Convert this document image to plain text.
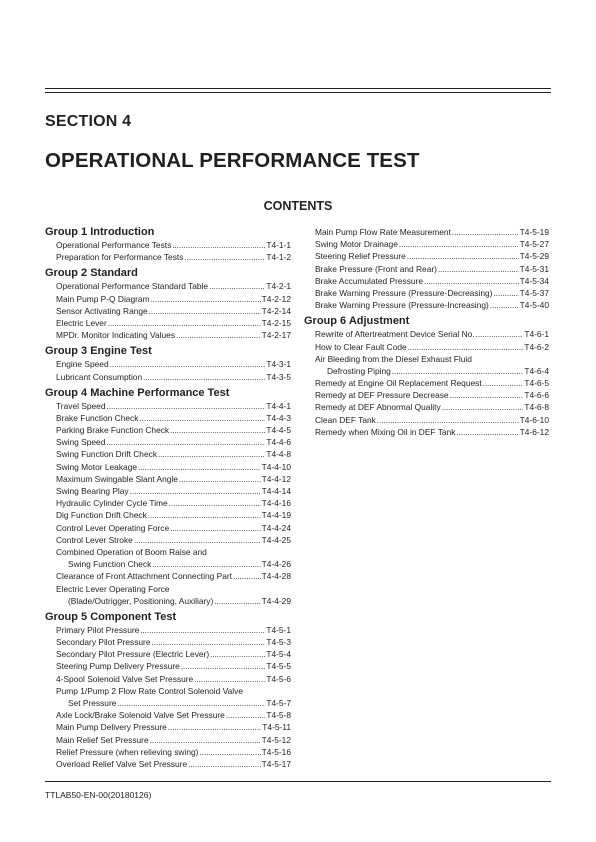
SECTION 4
OPERATIONAL PERFORMANCE TEST
CONTENTS
Group 1 Introduction
Operational Performance Tests .....	T4-1-1
Preparation for Performance Tests .....	T4-1-2
Group 2 Standard
Operational Performance Standard Table .....	T4-2-1
Main Pump P-Q Diagram .....	T4-2-12
Sensor Activating Range .....	T4-2-14
Electric Lever .....	T4-2-15
MPDr. Monitor Indicating Values .....	T4-2-17
Group 3 Engine Test
Engine Speed .....	T4-3-1
Lubricant Consumption .....	T4-3-5
Group 4 Machine Performance Test
Travel Speed .....	T4-4-1
Brake Function Check .....	T4-4-3
Parking Brake Function Check .....	T4-4-5
Swing Speed .....	T4-4-6
Swing Function Drift Check .....	T4-4-8
Swing Motor Leakage .....	T4-4-10
Maximum Swingable Slant Angle .....	T4-4-12
Swing Bearing Play .....	T4-4-14
Hydraulic Cylinder Cycle Time .....	T4-4-16
Dig Function Drift Check .....	T4-4-19
Control Lever Operating Force .....	T4-4-24
Control Lever Stroke .....	T4-4-25
Combined Operation of Boom Raise and
Swing Function Check .....	T4-4-26
Clearance of Front Attachment Connecting Part .....	T4-4-28
Electric Lever Operating Force
(Blade/Outrigger, Positioning, Auxiliary) .....	T4-4-29
Group 5 Component Test
Primary Pilot Pressure .....	T4-5-1
Secondary Pilot Pressure .....	T4-5-3
Secondary Pilot Pressure (Electric Lever) .....	T4-5-4
Steering Pump Delivery Pressure .....	T4-5-5
4-Spool Solenoid Valve Set Pressure .....	T4-5-6
Pump 1/Pump 2 Flow Rate Control Solenoid Valve
Set Pressure .....	T4-5-7
Axle Lock/Brake Solenoid Valve Set Pressure .....	T4-5-8
Main Pump Delivery Pressure .....	T4-5-11
Main Relief Set Pressure .....	T4-5-12
Relief Pressure (when relieving swing) .....	T4-5-16
Overload Relief Valve Set Pressure .....	T4-5-17
Main Pump Flow Rate Measurement .....	T4-5-19
Swing Motor Drainage .....	T4-5-27
Steering Relief Pressure .....	T4-5-29
Brake Pressure (Front and Rear) .....	T4-5-31
Brake Accumulated Pressure .....	T4-5-34
Brake Warning Pressure (Pressure-Decreasing) .....	T4-5-37
Brake Warning Pressure (Pressure-Increasing) .....	T4-5-40
Group 6 Adjustment
Rewrite of Aftertreatment Device Serial No. .....	T4-6-1
How to Clear Fault Code .....	T4-6-2
Air Bleeding from the Diesel Exhaust Fluid
Defrosting Piping .....	T4-6-4
Remedy at Engine Oil Replacement Request .....	T4-6-5
Remedy at DEF Pressure Decrease .....	T4-6-6
Remedy at DEF Abnormal Quality .....	T4-6-8
Clean DEF Tank .....	T4-6-10
Remedy when Mixing Oil in DEF Tank .....	T4-6-12
TTLAB50-EN-00(20180126)
